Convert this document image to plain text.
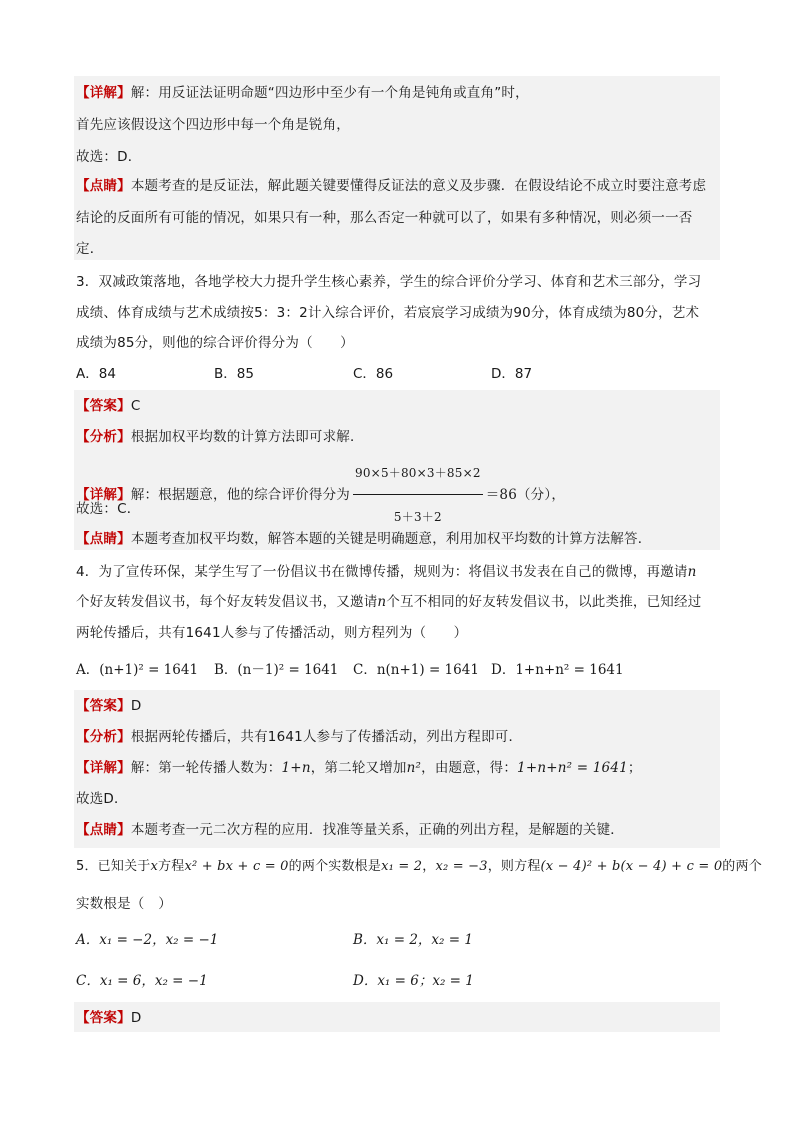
【详解】解：用反证法证明命题“四边形中至少有一个角是钝角或直角”时，
首先应该假设这个四边形中每一个角是锐角，
故选：D．
【点睛】本题考查的是反证法，解此题关键要懂得反证法的意义及步骤．在假设结论不成立时要注意考虑
结论的反面所有可能的情况，如果只有一种，那么否定一种就可以了，如果有多种情况，则必须一一否
定．
3．双减政策落地，各地学校大力提升学生核心素养，学生的综合评价分学习、体育和艺术三部分，学习
成绩、体育成绩与艺术成绩按5：3：2计入综合评价，若宸宸学习成绩为90分，体育成绩为80分，艺术
成绩为85分，则他的综合评价得分为（　　）
A．84	B．85	C．86	D．87
【答案】C
【分析】根据加权平均数的计算方法即可求解．
【详解】解：根据题意，他的综合评价得分为 $\frac{90\times 5+80\times 3+85\times 2}{5+3+2} =86$（分），
故选：C．
【点睛】本题考查加权平均数，解答本题的关键是明确题意，利用加权平均数的计算方法解答．
4．为了宣传环保，某学生写了一份倡议书在微博传播，规则为：将倡议书发表在自己的微博，再邀请n
个好友转发倡议书，每个好友转发倡议书，又邀请n个互不相同的好友转发倡议书，以此类推，已知经过
两轮传播后，共有1641人参与了传播活动，则方程列为（　　）
A．(n+1)² = 1641 B．(n－1)² = 1641 C．n(n+1) = 1641 D．1+n+n² = 1641
【答案】D
【分析】根据两轮传播后，共有1641人参与了传播活动，列出方程即可．
【详解】解：第一轮传播人数为：1+n，第二轮又增加n²，由题意，得：1+n+n² = 1641；
故选D．
【点睛】本题考查一元二次方程的应用．找准等量关系，正确的列出方程，是解题的关键．
5．已知关于x方程x² + bx + c = 0的两个实数根是x₁ = 2，x₂ = −3，则方程(x − 4)² + b(x − 4) + c = 0的两个
实数根是（　）
A．x₁ = −2，x₂ = −1	B．x₁ = 2，x₂ = 1
C．x₁ = 6，x₂ = −1	D．x₁ = 6；x₂ = 1
【答案】D
